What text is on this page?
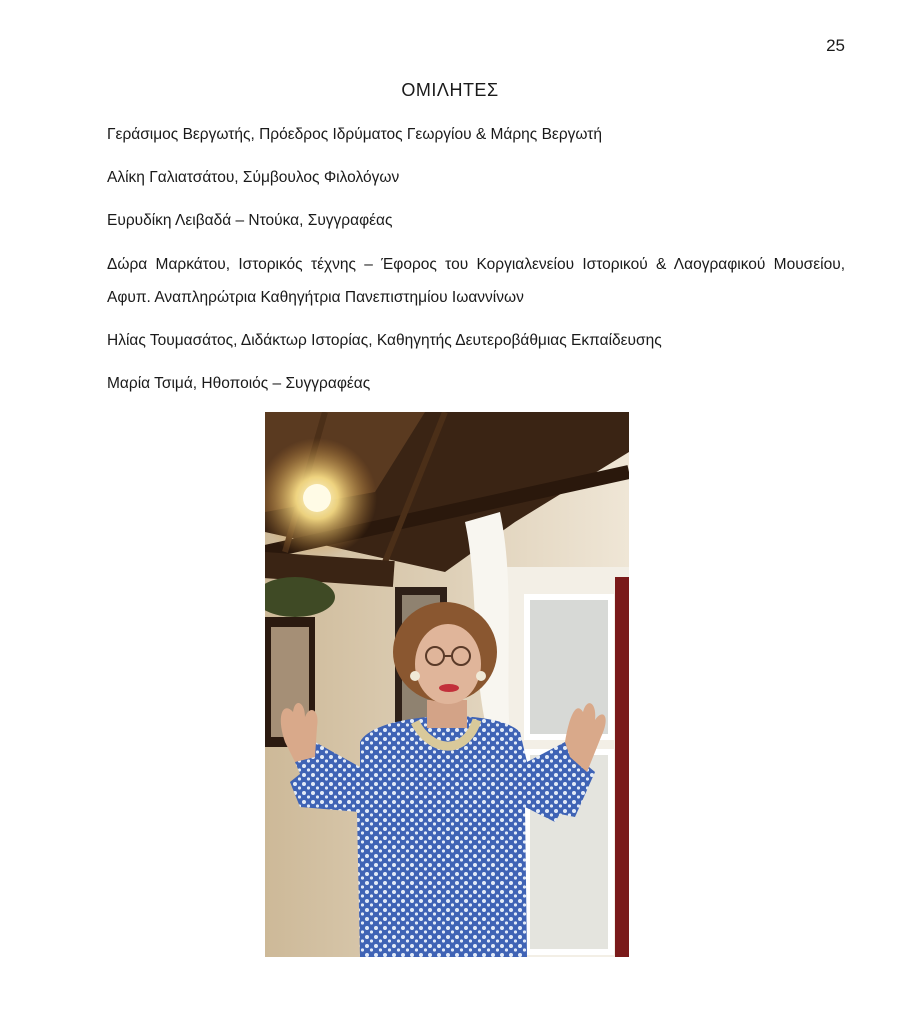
25
ΟΜΙΛΗΤΕΣ
Γεράσιμος Βεργωτής, Πρόεδρος Ιδρύματος Γεωργίου & Μάρης Βεργωτή
Αλίκη Γαλιατσάτου, Σύμβουλος Φιλολόγων
Ευρυδίκη Λειβαδά – Ντούκα, Συγγραφέας
Δώρα Μαρκάτου, Ιστορικός τέχνης – Έφορος του Κοργιαλενείου Ιστορικού & Λαογραφικού Μουσείου, Αφυπ. Αναπληρώτρια Καθηγήτρια Πανεπιστημίου Ιωαννίνων
Ηλίας Τουμασάτος, Διδάκτωρ Ιστορίας, Καθηγητής Δευτεροβάθμιας Εκπαίδευσης
Μαρία Τσιμά, Ηθοποιός – Συγγραφέας
